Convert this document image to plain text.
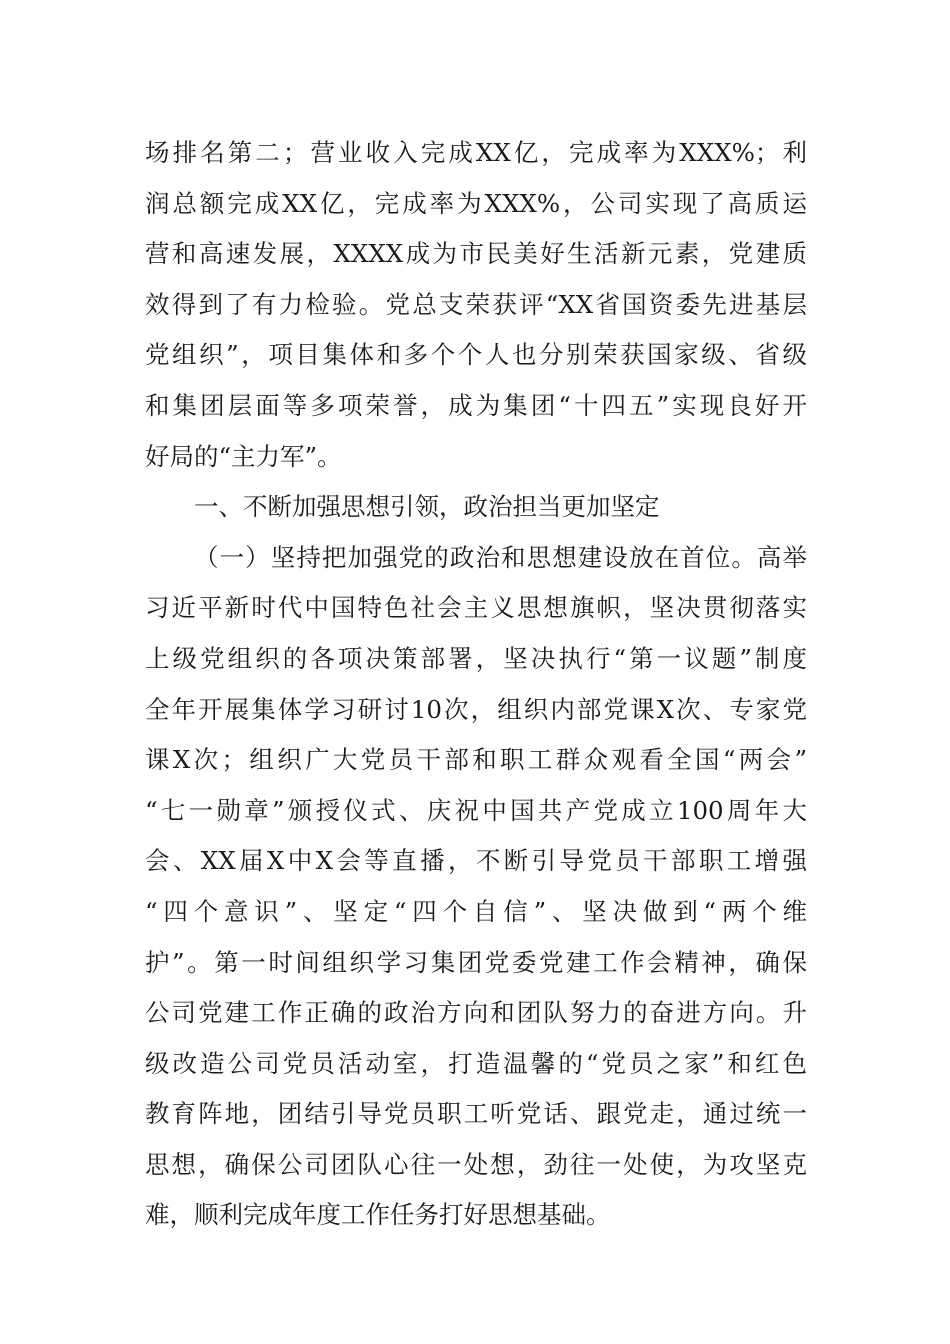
场排名第二；营业收入完成XX亿，完成率为XXX%；利
润总额完成XX亿，完成率为XXX%，公司实现了高质运
营和高速发展，XXXX成为市民美好生活新元素，党建质
效得到了有力检验。党总支荣获评“XX省国资委先进基层
党组织”，项目集体和多个个人也分别荣获国家级、省级
和集团层面等多项荣誉，成为集团“十四五”实现良好开
好局的“主力军”。
一、不断加强思想引领，政治担当更加坚定
（一）坚持把加强党的政治和思想建设放在首位。高举
习近平新时代中国特色社会主义思想旗帜，坚决贯彻落实
上级党组织的各项决策部署，坚决执行“第一议题”制度
全年开展集体学习研讨10次，组织内部党课X次、专家党
课X次；组织广大党员干部和职工群众观看全国“两会”
“七一勋章”颁授仪式、庆祝中国共产党成立100周年大
会、XX届X中X会等直播，不断引导党员干部职工增强
“四个意识”、坚定“四个自信”、坚决做到“两个维
护”。第一时间组织学习集团党委党建工作会精神，确保
公司党建工作正确的政治方向和团队努力的奋进方向。升
级改造公司党员活动室，打造温馨的“党员之家”和红色
教育阵地，团结引导党员职工听党话、跟党走，通过统一
思想，确保公司团队心往一处想，劲往一处使，为攻坚克
难，顺利完成年度工作任务打好思想基础。
